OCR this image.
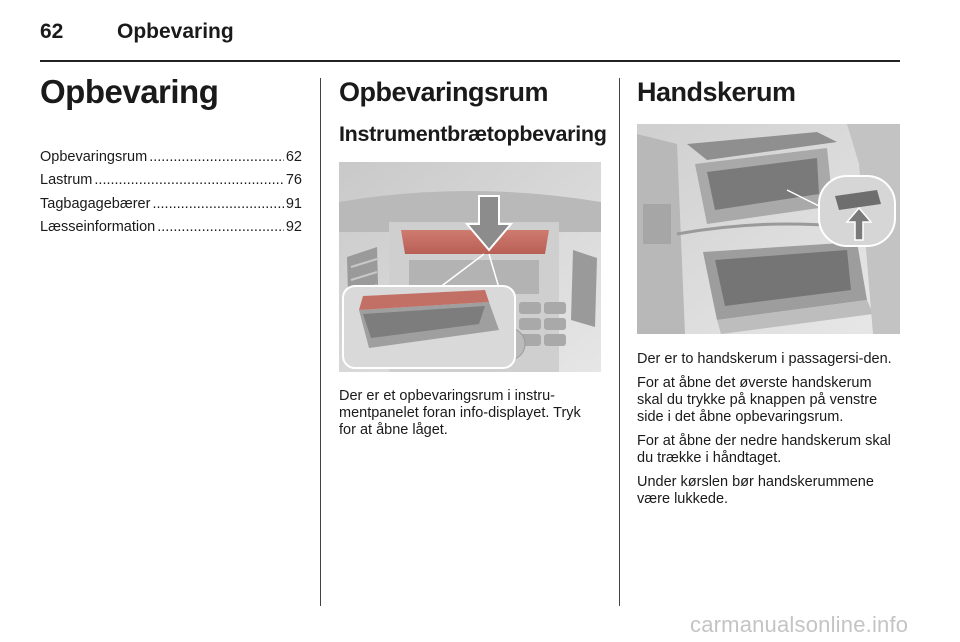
62	Opbevaring
Opbevaring
Opbevaringsrum .....	62
Lastrum .....	76
Tagbagagebærer .....	91
Læsseinformation .....	92
Opbevaringsrum
Instrumentbrætopbevaring

Der er et opbevaringsrum i instru-mentpanelet foran info-displayet. Tryk for at åbne låget.

Handskerum

Der er to handskerum i passagersi-den.

For at åbne det øverste handskerum skal du trykke på knappen på venstre side i det åbne opbevaringsrum.

For at åbne der nedre handskerum skal du trække i håndtaget.

Under kørslen bør handskerummene være lukkede.

carmanualsonline.info
